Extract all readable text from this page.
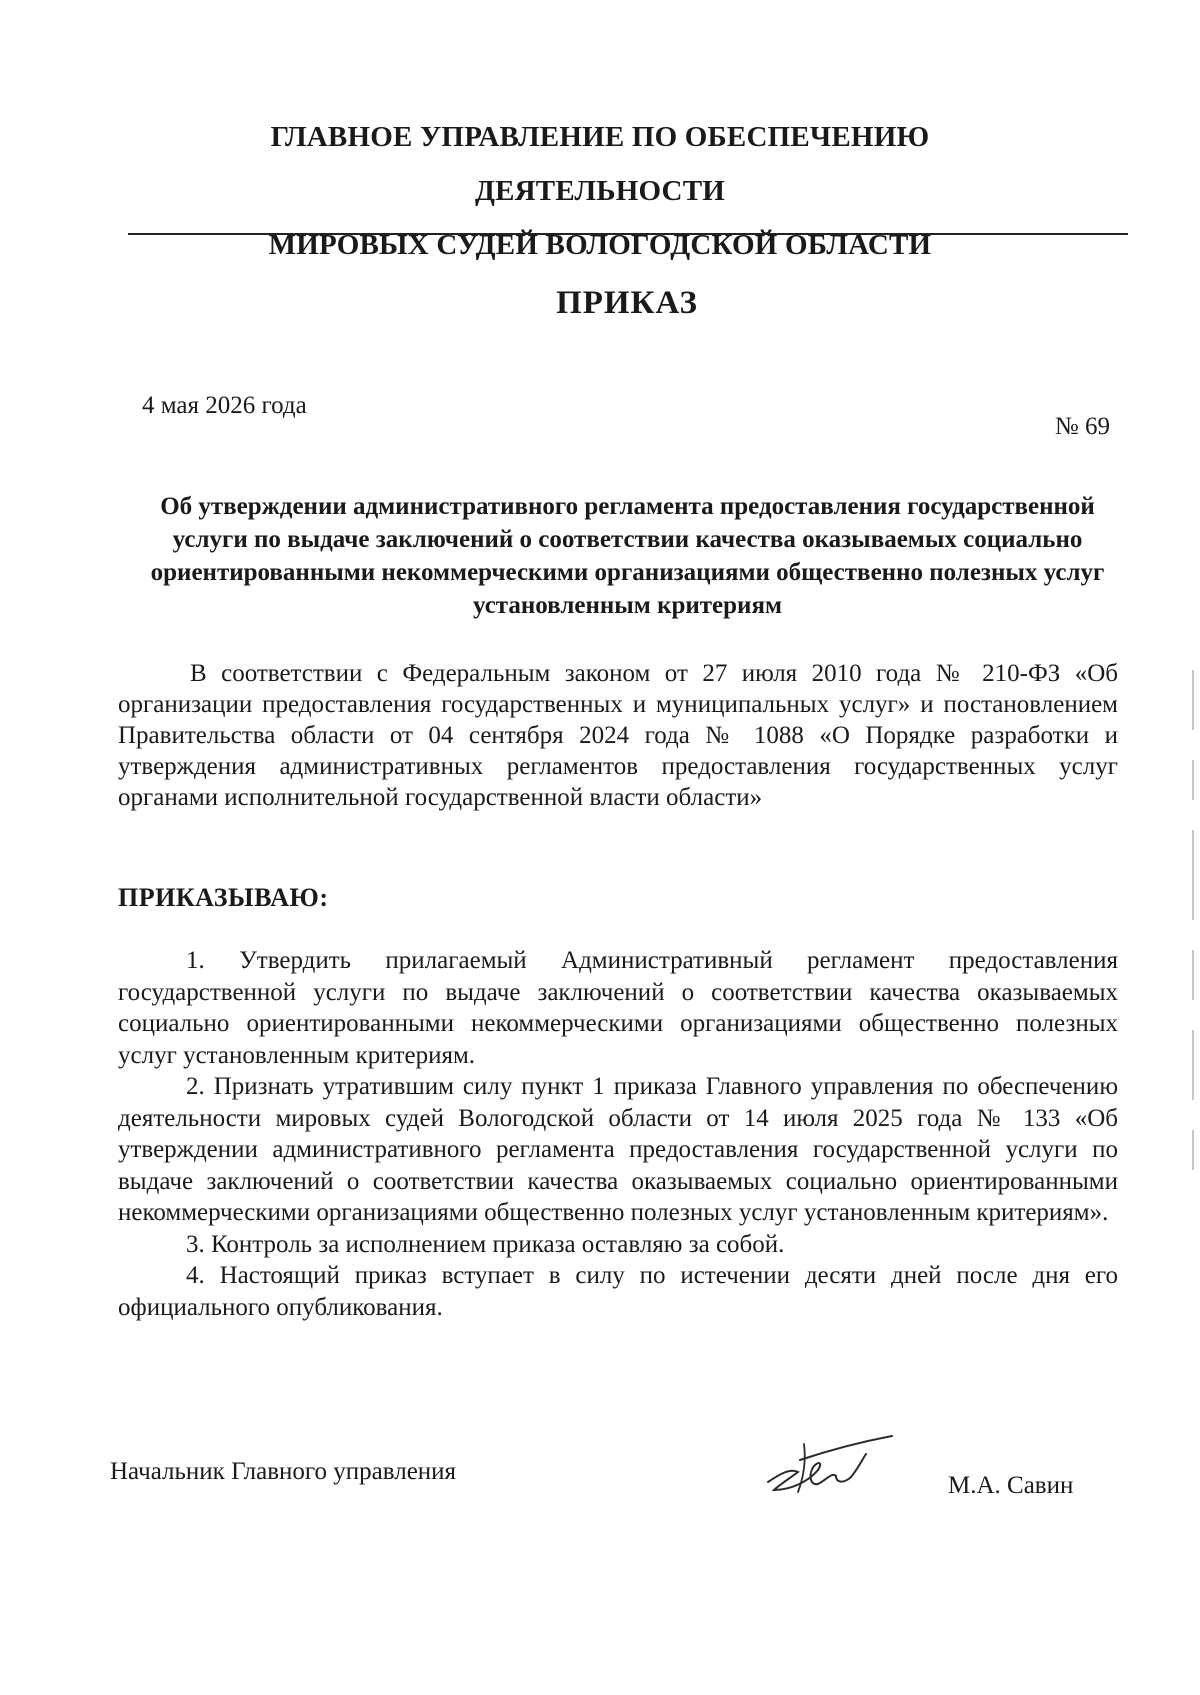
ГЛАВНОЕ УПРАВЛЕНИЕ ПО ОБЕСПЕЧЕНИЮ ДЕЯТЕЛЬНОСТИ
МИРОВЫХ СУДЕЙ ВОЛОГОДСКОЙ ОБЛАСТИ
ПРИКАЗ
4 мая 2026 года
№ 69
Об утверждении административного регламента предоставления государственной услуги по выдаче заключений о соответствии качества оказываемых социально ориентированными некоммерческими организациями общественно полезных услуг установленным критериям
В соответствии с Федеральным законом от 27 июля 2010 года № 210-ФЗ «Об организации предоставления государственных и муниципальных услуг» и постановлением Правительства области от 04 сентября 2024 года № 1088 «О Порядке разработки и утверждения административных регламентов предоставления государственных услуг органами исполнительной государственной власти области»
ПРИКАЗЫВАЮ:

1. Утвердить прилагаемый Административный регламент предоставления государственной услуги по выдаче заключений о соответствии качества оказываемых социально ориентированными некоммерческими организациями общественно полезных услуг установленным критериям.

2. Признать утратившим силу пункт 1 приказа Главного управления по обеспечению деятельности мировых судей Вологодской области от 14 июля 2025 года № 133 «Об утверждении административного регламента предоставления государственной услуги по выдаче заключений о соответствии качества оказываемых социально ориентированными некоммерческими организациями общественно полезных услуг установленным критериям».

3. Контроль за исполнением приказа оставляю за собой.

4. Настоящий приказ вступает в силу по истечении десяти дней после дня его официального опубликования.

Начальник Главного управления
М.А. Савин
